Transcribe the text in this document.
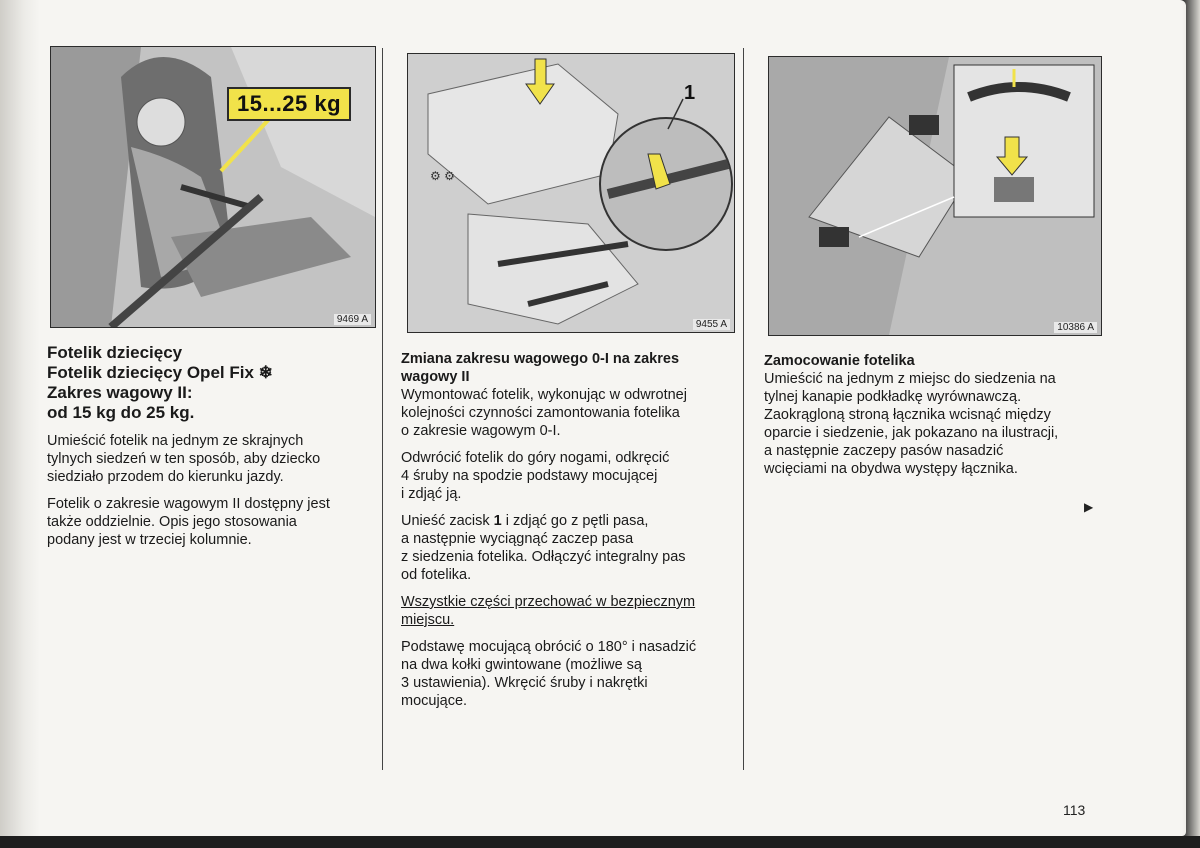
15...25 kg
9469 A
⚙ ⚙
1
9455 A	10386 A

Fotelik dziecięcy

Fotelik dziecięcy Opel Fix ❄

Zakres wagowy II:

od 15 kg do 25 kg.

Umieścić fotelik na jednym ze skrajnych

tylnych siedzeń w ten sposób, aby dziecko

siedziało przodem do kierunku jazdy.

Fotelik o zakresie wagowym II dostępny jest

także oddzielnie. Opis jego stosowania

podany jest w trzeciej kolumnie.

Zmiana zakresu wagowego 0-I na zakres

wagowy II

Wymontować fotelik, wykonując w odwrotnej

kolejności czynności zamontowania fotelika

o zakresie wagowym 0-I.

Odwrócić fotelik do góry nogami, odkręcić

4 śruby na spodzie podstawy mocującej

i zdjąć ją.

Unieść zacisk 1 i zdjąć go z pętli pasa,

a następnie wyciągnąć zaczep pasa

z siedzenia fotelika. Odłączyć integralny pas

od fotelika.

Wszystkie części przechować w bezpiecznym

miejscu.

Podstawę mocującą obrócić o 180° i nasadzić

na dwa kołki gwintowane (możliwe są

3 ustawienia). Wkręcić śruby i nakrętki

mocujące.

Zamocowanie fotelika

Umieścić na jednym z miejsc do siedzenia na

tylnej kanapie podkładkę wyrównawczą.

Zaokrągloną stroną łącznika wcisnąć między

oparcie i siedzenie, jak pokazano na ilustracji,

a następnie zaczepy pasów nasadzić

wcięciami na obydwa występy łącznika.

▶
113
